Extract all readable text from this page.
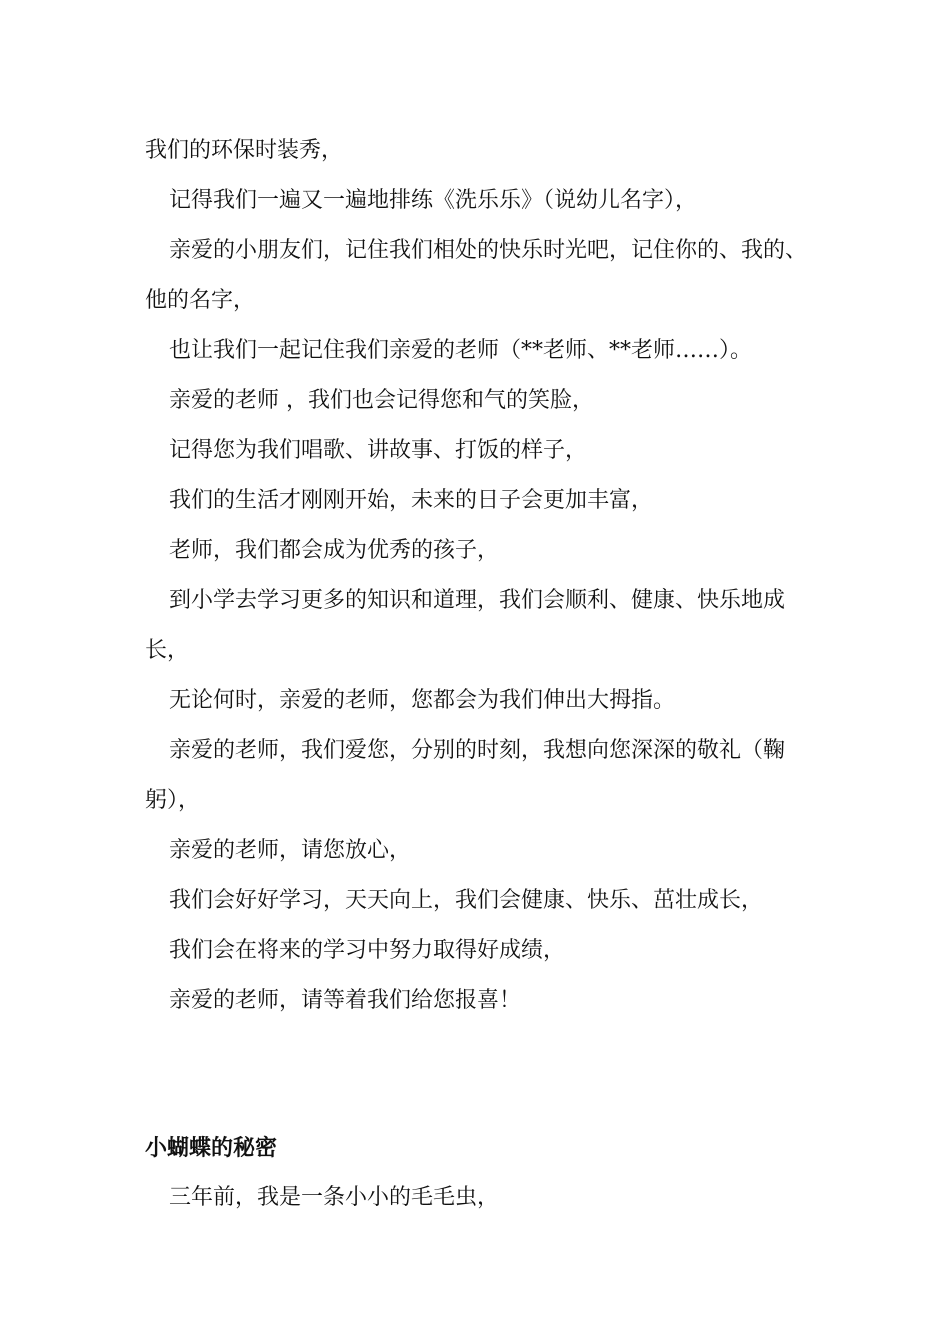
我们的环保时装秀，
记得我们一遍又一遍地排练《洗乐乐》（说幼儿名字），
亲爱的小朋友们，记住我们相处的快乐时光吧，记住你的、我的、
他的名字，
也让我们一起记住我们亲爱的老师（**老师、**老师……）。
亲爱的老师 ，我们也会记得您和气的笑脸，
记得您为我们唱歌、讲故事、打饭的样子，
我们的生活才刚刚开始，未来的日子会更加丰富，
老师，我们都会成为优秀的孩子，
到小学去学习更多的知识和道理，我们会顺利、健康、快乐地成
长，
无论何时，亲爱的老师，您都会为我们伸出大拇指。
亲爱的老师，我们爱您，分别的时刻，我想向您深深的敬礼（鞠
躬），
亲爱的老师，请您放心，
我们会好好学习，天天向上，我们会健康、快乐、茁壮成长，
我们会在将来的学习中努力取得好成绩，
亲爱的老师，请等着我们给您报喜！
小蝴蝶的秘密
三年前，我是一条小小的毛毛虫，
